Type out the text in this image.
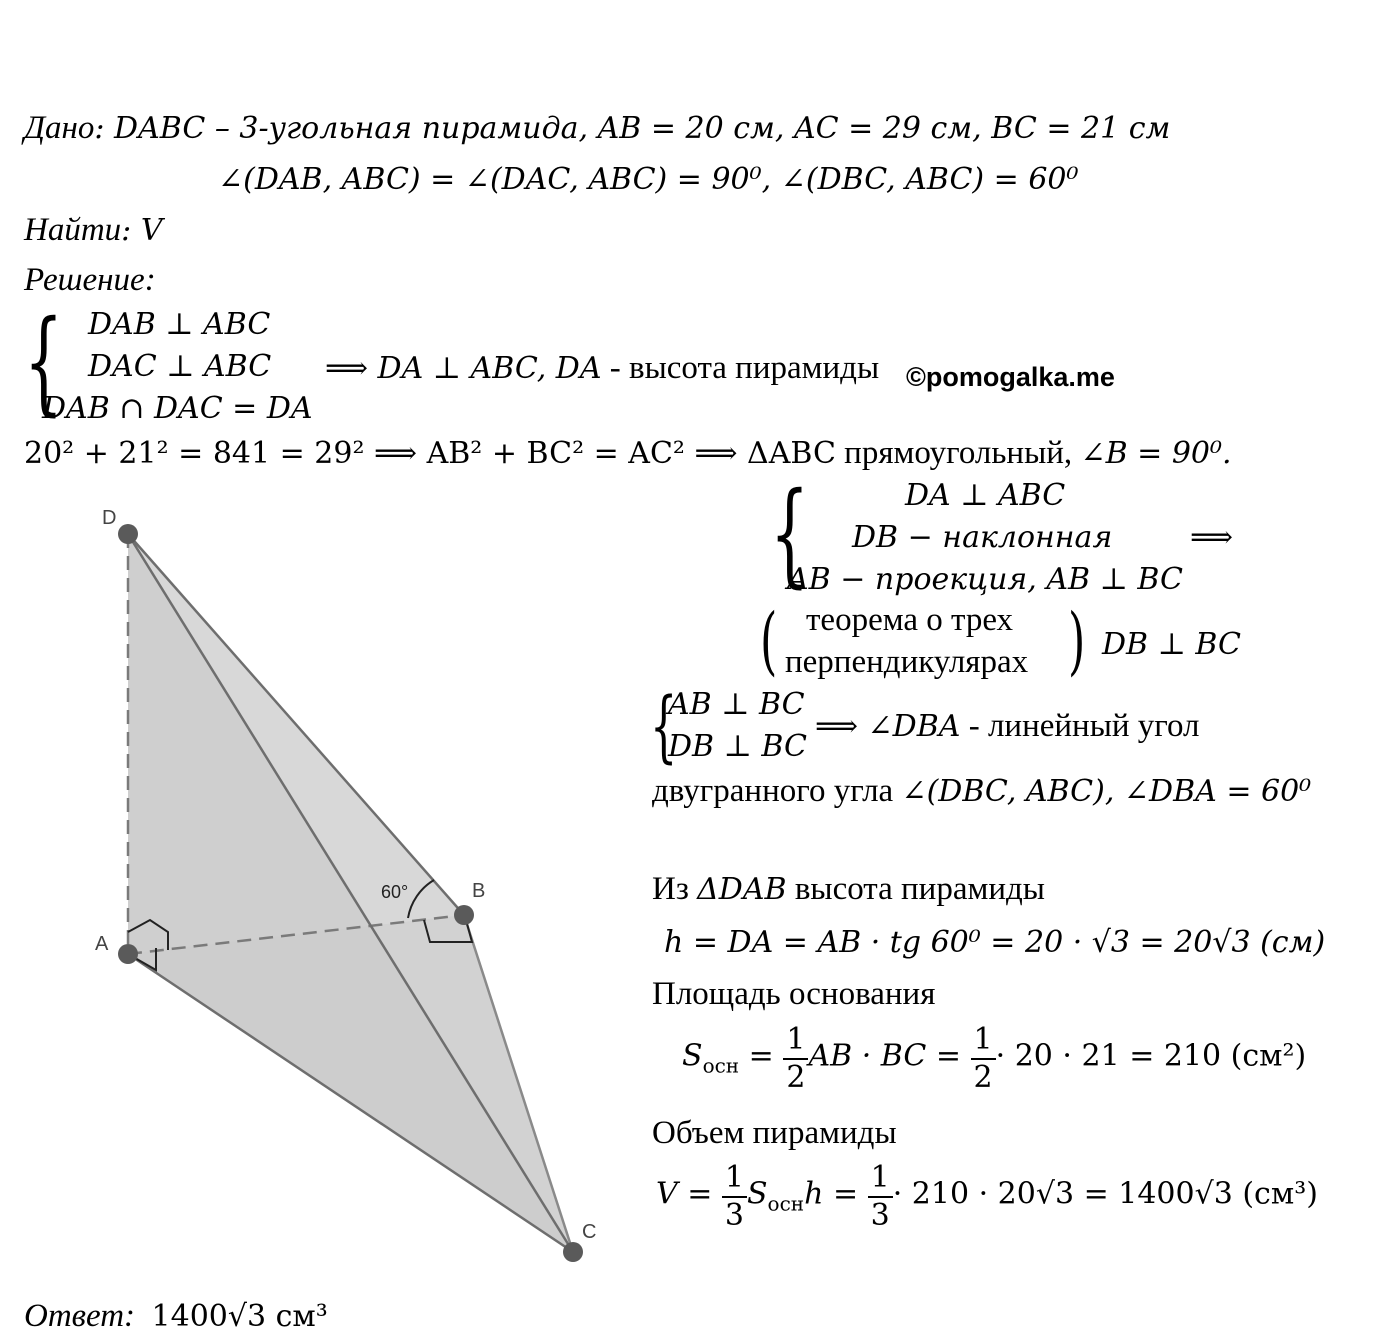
Дано: DABC – 3-угольная пирамида, AB = 20 см, AC = 29 см, BC = 21 см
∠(DAB, ABC) = ∠(DAC, ABC) = 90⁰, ∠(DBC, ABC) = 60⁰
Найти: V
Решение:
{ DAB ⊥ ABC
DAC ⊥ ABC
DAB ∩ DAC = DA
⟹ DA ⊥ ABC, DA - высота пирамиды ©pomogalka.me
20² + 21² = 841 = 29² ⟹ AB² + BC² = AC² ⟹ ΔABC прямоугольный, ∠B = 90⁰.
{	DA ⊥ ABC
DB − наклонная
AB − проекция, AB ⊥ BC
⟹
( теорема о трех
перпендикулярах ) DB ⊥ BC
{
AB ⊥ BC
DB ⊥ BC
⟹ ∠DBA - линейный угол
двугранного угла ∠(DBC, ABC), ∠DBA = 60⁰
Из ΔDAB высота пирамиды
h = DA = AB · tg 60⁰ = 20 · √3 = 20√3 (см)
Площадь основания
$S_{осн} = \frac{1}{2}$ AB · BC = $\frac{1}{2} \cdot 20 \cdot 21 = 210$ (см²)
Объем пирамиды
$V = \frac{1}{3} S_{осн}h = \frac{1}{3} \cdot 210 \cdot 20√3 = 1400√3$ (см³)
Ответ: 1400√3 см³
D
A
B
C
60°
